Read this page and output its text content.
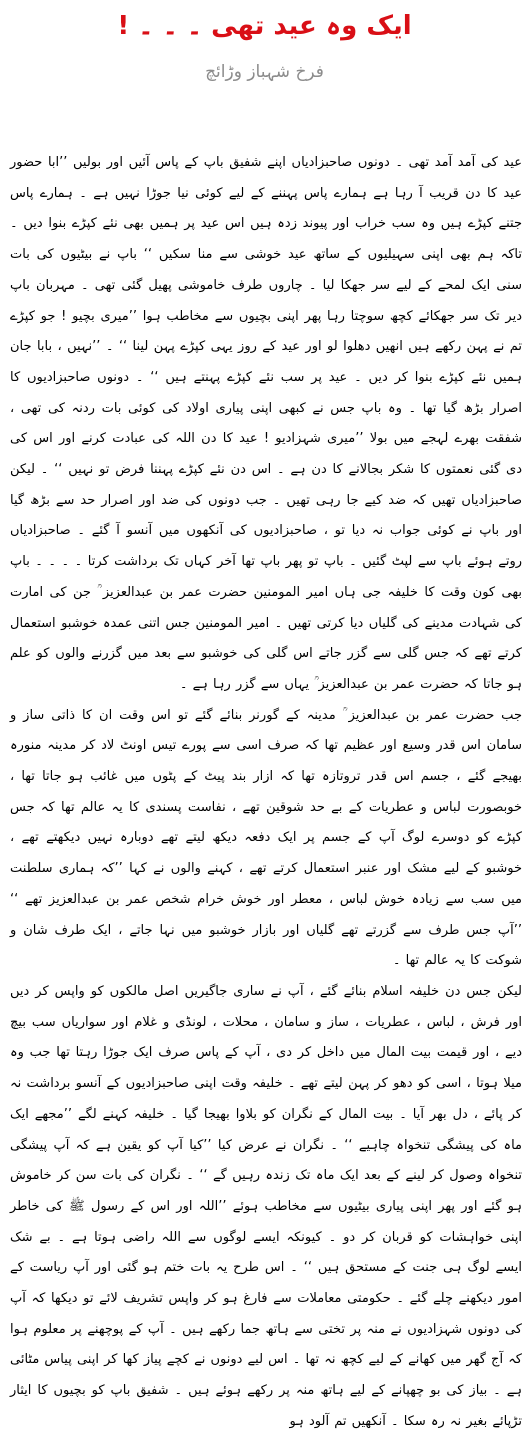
ایک وہ عید تھی ۔ ۔ ۔ !
فرخ شہباز وڑائچ

عید کی آمد آمد تھی ۔ دونوں صاحبزادیاں اپنے شفیق باپ کے پاس آئیں اور بولیں ’’ابا حضور عید کا دن قریب آ رہا ہے ہمارے پاس پہننے کے لیے کوئی نیا جوڑا نہیں ہے ۔ ہمارے پاس جتنے کپڑے ہیں وہ سب خراب اور پیوند زدہ ہیں اس عید پر ہمیں بھی نئے کپڑے بنوا دیں ۔ تاکہ ہم بھی اپنی سہیلیوں کے ساتھ عید خوشی سے منا سکیں ‘‘ باپ نے بیٹیوں کی بات سنی ایک لمحے کے لیے سر جھکا لیا ۔ چاروں طرف خاموشی پھیل گئی تھی ۔ مہربان باپ دیر تک سر جھکائے کچھ سوچتا رہا پھر اپنی بچیوں سے مخاطب ہوا ’’میری بچیو ! جو کپڑے تم نے پہن رکھے ہیں انھیں دھلوا لو اور عید کے روز یہی کپڑے پہن لینا ‘‘ ۔ ’’نہیں ، بابا جان ہمیں نئے کپڑے بنوا کر دیں ۔ عید پر سب نئے کپڑے پہنتے ہیں ‘‘ ۔ دونوں صاحبزادیوں کا اصرار بڑھ گیا تھا ۔ وہ باپ جس نے کبھی اپنی پیاری اولاد کی کوئی بات ردنہ کی تھی ، شفقت بھرے لہجے میں بولا ’’میری شہزادیو ! عید کا دن اللہ کی عبادت کرنے اور اس کی دی گئی نعمتوں کا شکر بجالانے کا دن ہے ۔ اس دن نئے کپڑے پہننا فرض تو نہیں ‘‘ ۔ لیکن صاحبزادیاں تھیں کہ ضد کیے جا رہی تھیں ۔ جب دونوں کی ضد اور اصرار حد سے بڑھ گیا اور باپ نے کوئی جواب نہ دیا تو ، صاحبزادیوں کی آنکھوں میں آنسو آ گئے ۔ صاحبزادیاں روتے ہوئے باپ سے لپٹ گئیں ۔ باپ تو پھر باپ تھا آخر کہاں تک برداشت کرتا ۔ ۔ ۔ ۔ باپ بھی کون وقت کا خلیفہ جی ہاں امیر المومنین حضرت عمر بن عبدالعزیز ؒ جن کی امارت کی شہادت مدینے کی گلیاں دیا کرتی تھیں ۔ امیر المومنین جس اتنی عمدہ خوشبو استعمال کرتے تھے کہ جس گلی سے گزر جاتے اس گلی کی خوشبو سے بعد میں گزرنے والوں کو علم ہو جاتا کہ حضرت عمر بن عبدالعزیز ؒ یہاں سے گزر رہا ہے ۔

جب حضرت عمر بن عبدالعزیز ؒ مدینہ کے گورنر بنائے گئے تو اس وقت ان کا ذاتی ساز و سامان اس قدر وسیع اور عظیم تھا کہ صرف اسی سے پورے تیس اونٹ لاد کر مدینہ منورہ بھیجے گئے ، جسم اس قدر تروتازہ تھا کہ ازار بند پیٹ کے پٹوں میں غائب ہو جاتا تھا ، خوبصورت لباس و عطریات کے بے حد شوقین تھے ، نفاست پسندی کا یہ عالم تھا کہ جس کپڑے کو دوسرے لوگ آپ کے جسم پر ایک دفعہ دیکھ لیتے تھے دوبارہ نہیں دیکھتے تھے ، خوشبو کے لیے مشک اور عنبر استعمال کرتے تھے ، کہنے والوں نے کہا ’’کہ ہماری سلطنت میں سب سے زیادہ خوش لباس ، معطر اور خوش خرام شخص عمر بن عبدالعزیز تھے ‘‘ ’’آپ جس طرف سے گزرتے تھے گلیاں اور بازار خوشبو میں نہا جاتے ، ایک طرف شان و شوکت کا یہ عالم تھا ۔

لیکن جس دن خلیفہ اسلام بنائے گئے ، آپ نے ساری جاگیریں اصل مالکوں کو واپس کر دیں اور فرش ، لباس ، عطریات ، ساز و سامان ، محلات ، لونڈی و غلام اور سواریاں سب بیچ دیے ، اور قیمت بیت المال میں داخل کر دی ، آپ کے پاس صرف ایک جوڑا رہتا تھا جب وہ میلا ہوتا ، اسی کو دھو کر پہن لیتے تھے ۔ خلیفہ وقت اپنی صاحبزادیوں کے آنسو برداشت نہ کر پائے ، دل بھر آیا ۔ بیت المال کے نگران کو بلاوا بھیجا گیا ۔ خلیفہ کہنے لگے ’’مجھے ایک ماہ کی پیشگی تنخواہ چاہیے ‘‘ ۔ نگران نے عرض کیا ’’کیا آپ کو یقین ہے کہ آپ پیشگی تنخواہ وصول کر لینے کے بعد ایک ماہ تک زندہ رہیں گے ‘‘ ۔ نگران کی بات سن کر خاموش ہو گئے اور پھر اپنی پیاری بیٹیوں سے مخاطب ہوئے ’’اللہ اور اس کے رسول ﷺ کی خاطر اپنی خواہشات کو قربان کر دو ۔ کیونکہ ایسے لوگوں سے اللہ راضی ہوتا ہے ۔ بے شک ایسے لوگ ہی جنت کے مستحق ہیں ‘‘ ۔ اس طرح یہ بات ختم ہو گئی اور آپ ریاست کے امور دیکھنے چلے گئے ۔ حکومتی معاملات سے فارغ ہو کر واپس تشریف لائے تو دیکھا کہ آپ کی دونوں شہزادیوں نے منہ پر تختی سے ہاتھ جما رکھے ہیں ۔ آپ کے پوچھنے پر معلوم ہوا کہ آج گھر میں کھانے کے لیے کچھ نہ تھا ۔ اس لیے دونوں نے کچے پیاز کھا کر اپنی پیاس مٹائی ہے ۔ بیاز کی بو چھپانے کے لیے ہاتھ منہ پر رکھے ہوئے ہیں ۔ شفیق باپ کو بچیوں کا ایثار تڑپائے بغیر نہ رہ سکا ۔ آنکھیں تم آلود ہو
